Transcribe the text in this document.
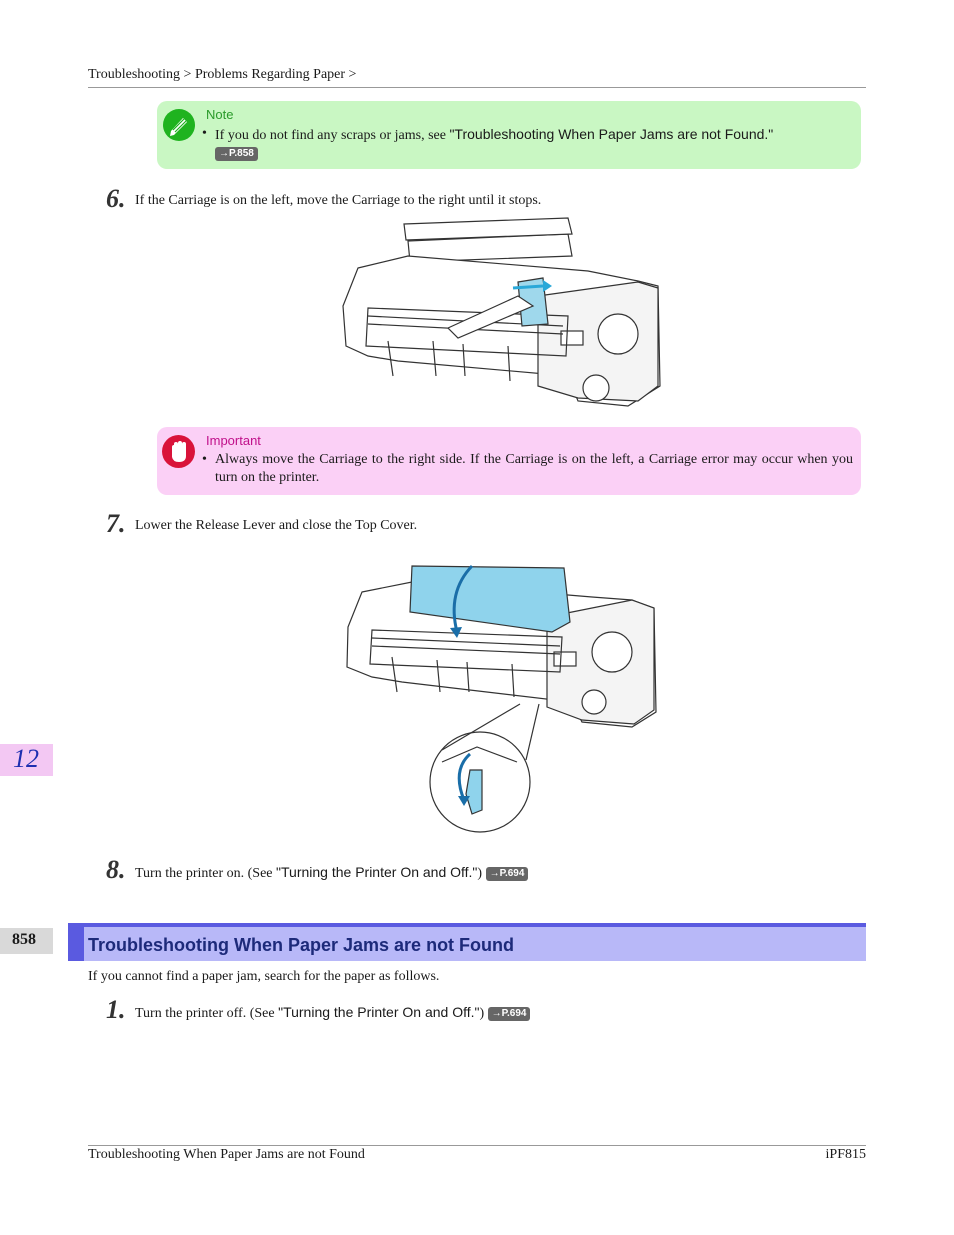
Troubleshooting > Problems Regarding Paper >
Note
• If you do not find any scraps or jams, see "Troubleshooting When Paper Jams are not Found."
→P.858
6. If the Carriage is on the left, move the Carriage to the right until it stops.
Important
• Always move the Carriage to the right side. If the Carriage is on the left, a Carriage error may occur when you turn on the printer.
7. Lower the Release Lever and close the Top Cover.
8. Turn the printer on. (See "Turning the Printer On and Off.") →P.694
12
858	Troubleshooting When Paper Jams are not Found
If you cannot find a paper jam, search for the paper as follows.
1. Turn the printer off. (See "Turning the Printer On and Off.") →P.694
Troubleshooting When Paper Jams are not Found	iPF815
